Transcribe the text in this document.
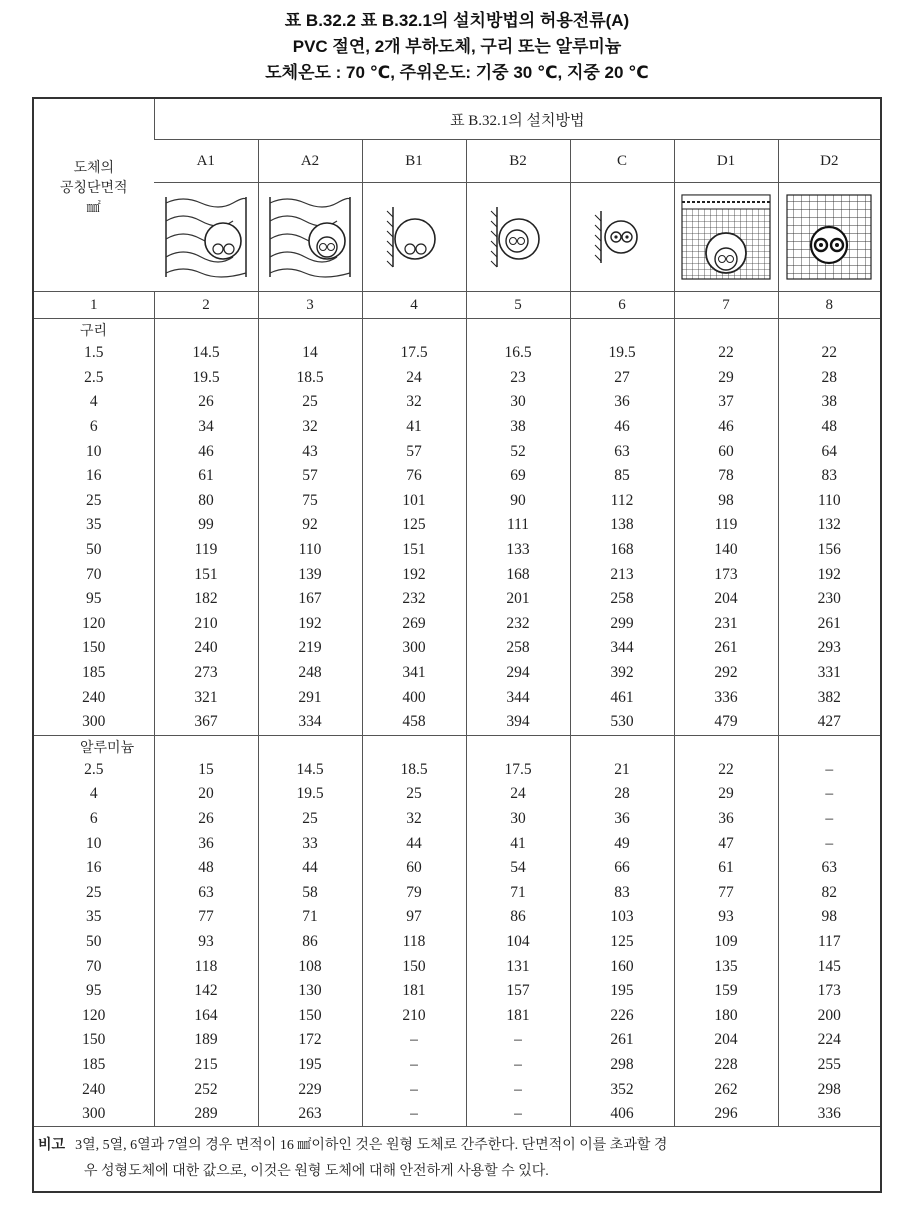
표 B.32.2 표 B.32.1의 설치방법의 허용전류(A)
PVC 절연, 2개 부하도체, 구리 또는 알루미늄
도체온도 : 70 ℃, 주위온도: 기중 30 ℃, 지중 20 ℃
도체의
공칭단면적
㎟	표 B.32.1의 설치방법						
	A1	A2	B1	B2	C	D1	D2

1	2	3	4	5	6	7	8
구리							
1.5	14.5	14	17.5	16.5	19.5	22	22
2.5	19.5	18.5	24	23	27	29	28
4	26	25	32	30	36	37	38
6	34	32	41	38	46	46	48
10	46	43	57	52	63	60	64
16	61	57	76	69	85	78	83
25	80	75	101	90	112	98	110
35	99	92	125	111	138	119	132
50	119	110	151	133	168	140	156
70	151	139	192	168	213	173	192
95	182	167	232	201	258	204	230
120	210	192	269	232	299	231	261
150	240	219	300	258	344	261	293
185	273	248	341	294	392	292	331
240	321	291	400	344	461	336	382
300	367	334	458	394	530	479	427
알루미늄							
2.5	15	14.5	18.5	17.5	21	22	–
4	20	19.5	25	24	28	29	–
6	26	25	32	30	36	36	–
10	36	33	44	41	49	47	–
16	48	44	60	54	66	61	63
25	63	58	79	71	83	77	82
35	77	71	97	86	103	93	98
50	93	86	118	104	125	109	117
70	118	108	150	131	160	135	145
95	142	130	181	157	195	159	173
120	164	150	210	181	226	180	200
150	189	172	–	–	261	204	224
185	215	195	–	–	298	228	255
240	252	229	–	–	352	262	298
300	289	263	–	–	406	296	336

비고 3열, 5열, 6열과 7열의 경우 면적이 16 ㎟이하인 것은 원형 도체로 간주한다. 단면적이 이를 초과할 경
우 성형도체에 대한 값으로, 이것은 원형 도체에 대해 안전하게 사용할 수 있다.							
